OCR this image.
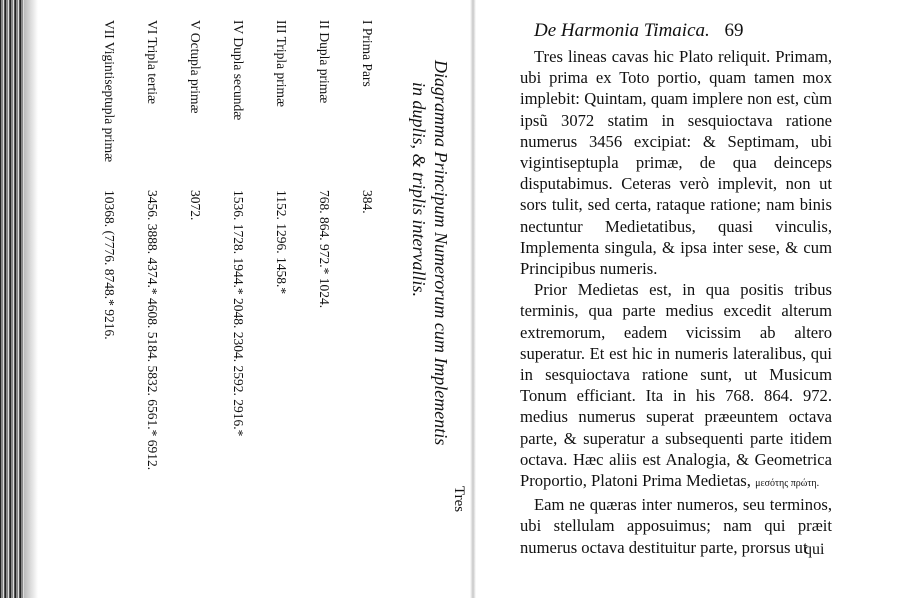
Diagramma Principum Numerorum cum Implementis
in duplis, & triplis intervallis.
I Prima Pars
384.
II Dupla primæ
768. 864. 972.* 1024.
III Tripla primæ
1152. 1296. 1458.*
IV Dupla secundæ
1536. 1728. 1944.* 2048. 2304. 2592. 2916.*
V Octupla primæ
3072.
VI Tripla tertiæ
3456. 3888. 4374.* 4608. 5184. 5832. 6561.* 6912.
VII Vigintiseptupla primæ
10368. (7776. 8748.* 9216.
Tres
De Harmonia Timaica. 69

Tres lineas cavas hic Plato reliquit. Primam, ubi prima ex Toto portio, quam tamen mox implebit: Quintam, quam implere non est, cùm ipsũ 3072 statim in sesquioctava ratione numerus 3456 excipiat: & Septimam, ubi vigintiseptupla primæ, de qua deinceps disputabimus. Ceteras verò implevit, non ut sors tulit, sed certa, rataque ratione; nam binis nectuntur Medietatibus, quasi vinculis, Implementa singula, & ipsa inter sese, & cum Principibus numeris.

Prior Medietas est, in qua positis tribus terminis, qua parte medius excedit alterum extremorum, eadem vicissim ab altero superatur. Et est hic in numeris lateralibus, qui in sesquioctava ratione sunt, ut Musicum Tonum efficiant. Ita in his 768. 864. 972. medius numerus superat præeuntem octava parte, & superatur a subsequenti parte itidem octava. Hæc aliis est Analogia, & Geometrica Proportio, Platoni Prima Medietas, μεσότης πρώτη.

Eam ne quæras inter numeros, seu terminos, ubi stellulam apposuimus; nam qui præit numerus octava destituitur parte, prorsus ut

qui
